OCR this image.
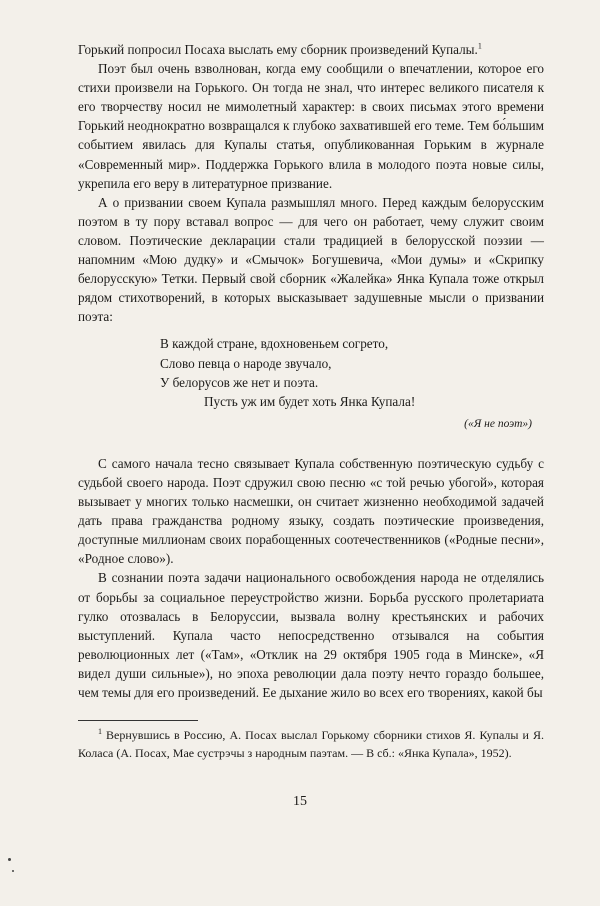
Горький попросил Посаха выслать ему сборник произведений Купалы.$^1$

Поэт был очень взволнован, когда ему сообщили о впечатлении, которое его стихи произвели на Горького. Он тогда не знал, что интерес великого писателя к его творчеству носил не мимолетный характер: в своих письмах этого времени Горький неоднократно возвращался к глубоко захватившей его теме. Тем бо́льшим событием явилась для Купалы статья, опубликованная Горьким в журнале «Современный мир». Поддержка Горького влила в молодого поэта новые силы, укрепила его веру в литературное призвание.

А о призвании своем Купала размышлял много. Перед каждым белорусским поэтом в ту пору вставал вопрос — для чего он работает, чему служит своим словом. Поэтические декларации стали традицией в белорусской поэзии — напомним «Мою дудку» и «Смычок» Богушевича, «Мои думы» и «Скрипку белорусскую» Тетки. Первый свой сборник «Жалейка» Янка Купала тоже открыл рядом стихотворений, в которых высказывает задушевные мысли о призвании поэта:

В каждой стране, вдохновеньем согрето,
Слово певца о народе звучало,
У белорусов же нет и поэта.
Пусть уж им будет хоть Янка Купала!
(«Я не поэт»)

С самого начала тесно связывает Купала собственную поэтическую судьбу с судьбой своего народа. Поэт сдружил свою песню «с той речью убогой», которая вызывает у многих только насмешки, он считает жизненно необходимой задачей дать права гражданства родному языку, создать поэтические произведения, доступные миллионам своих порабощенных соотечественников («Родные песни», «Родное слово»).

В сознании поэта задачи национального освобождения народа не отделялись от борьбы за социальное переустройство жизни. Борьба русского пролетариата гулко отозвалась в Белоруссии, вызвала волну крестьянских и рабочих выступлений. Купала часто непосредственно отзывался на события революционных лет («Там», «Отклик на 29 октября 1905 года в Минске», «Я видел души сильные»), но эпоха революции дала поэту нечто гораздо большее, чем темы для его произведений. Ее дыхание жило во всех его творениях, какой бы

$^1$ Вернувшись в Россию, А. Посах выслал Горькому сборники стихов Я. Купалы и Я. Коласа (А. Посах, Мае сустрэчы з народным паэтам. — В сб.: «Янка Купала», 1952).

15
